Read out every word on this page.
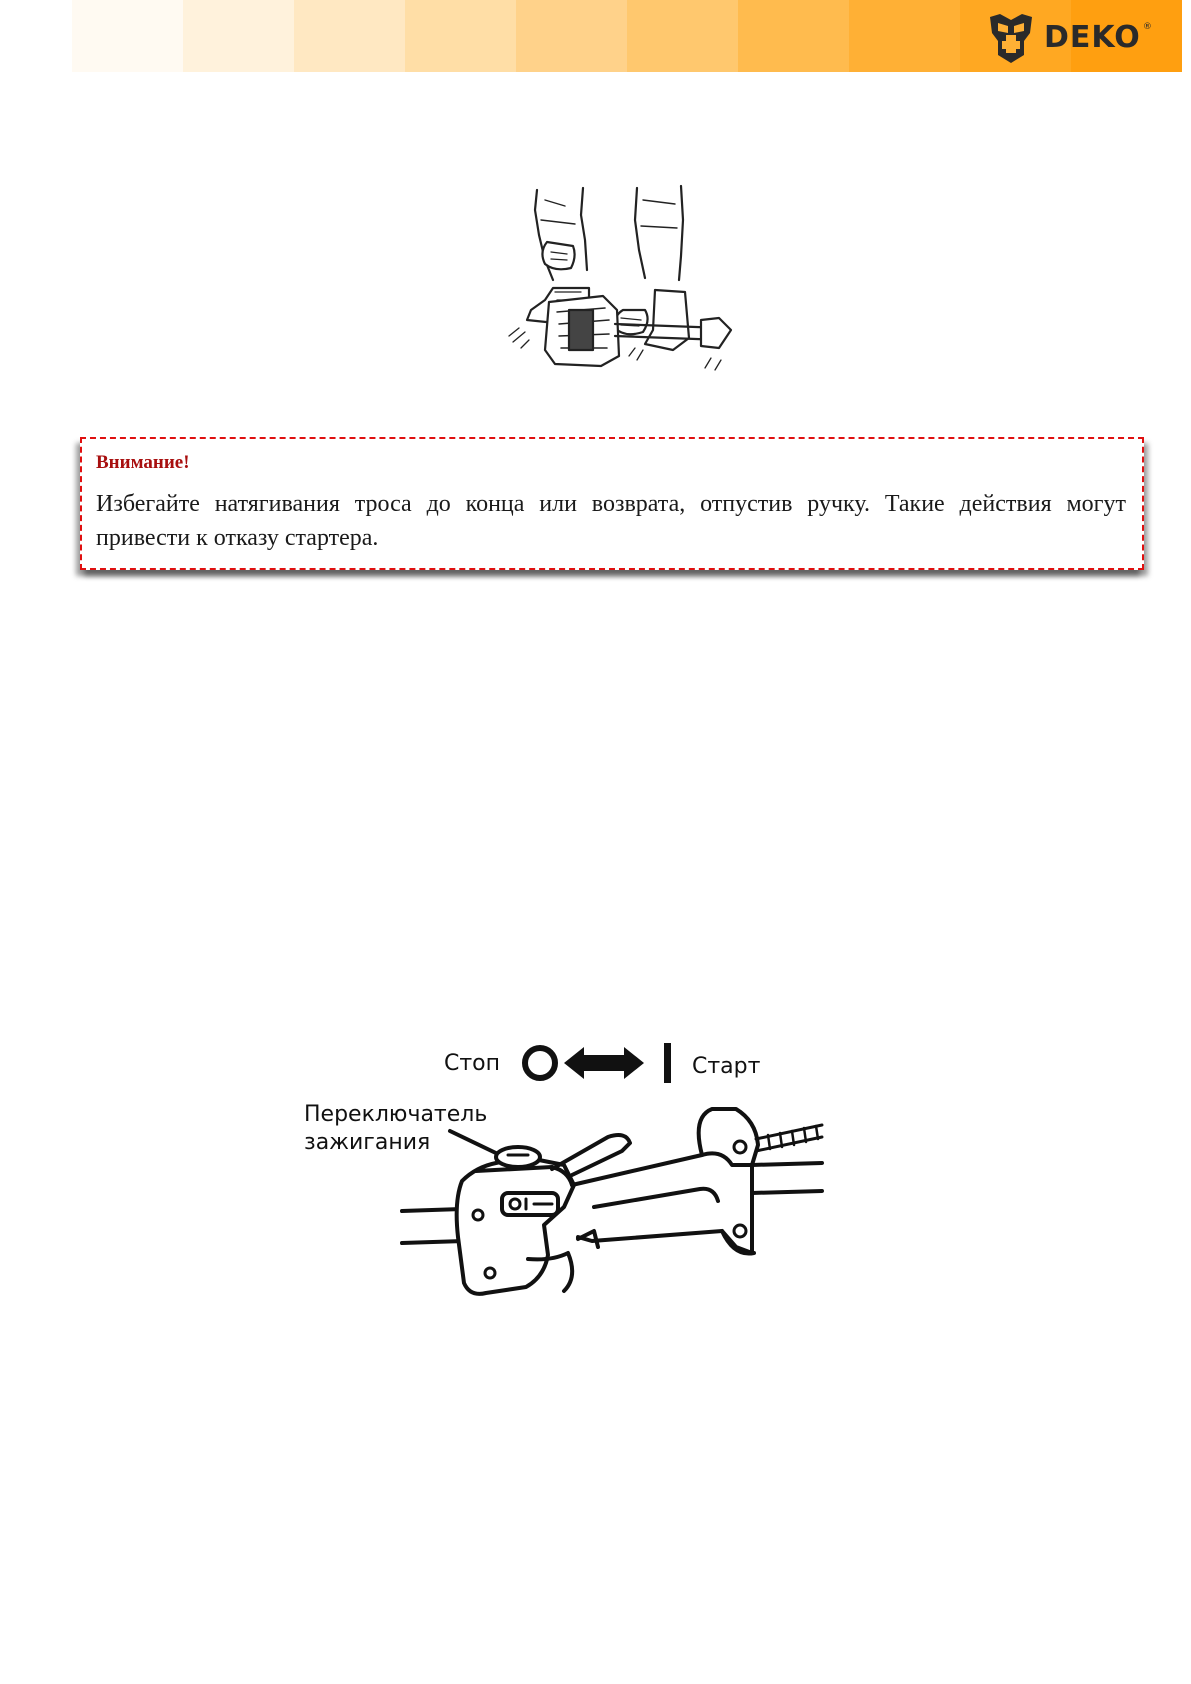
DEKO ®
Внимание!
Избегайте натягивания троса до конца или возврата, отпустив ручку. Такие действия могут привести к отказу стартера.
Стоп	Старт
Переключатель
зажигания
